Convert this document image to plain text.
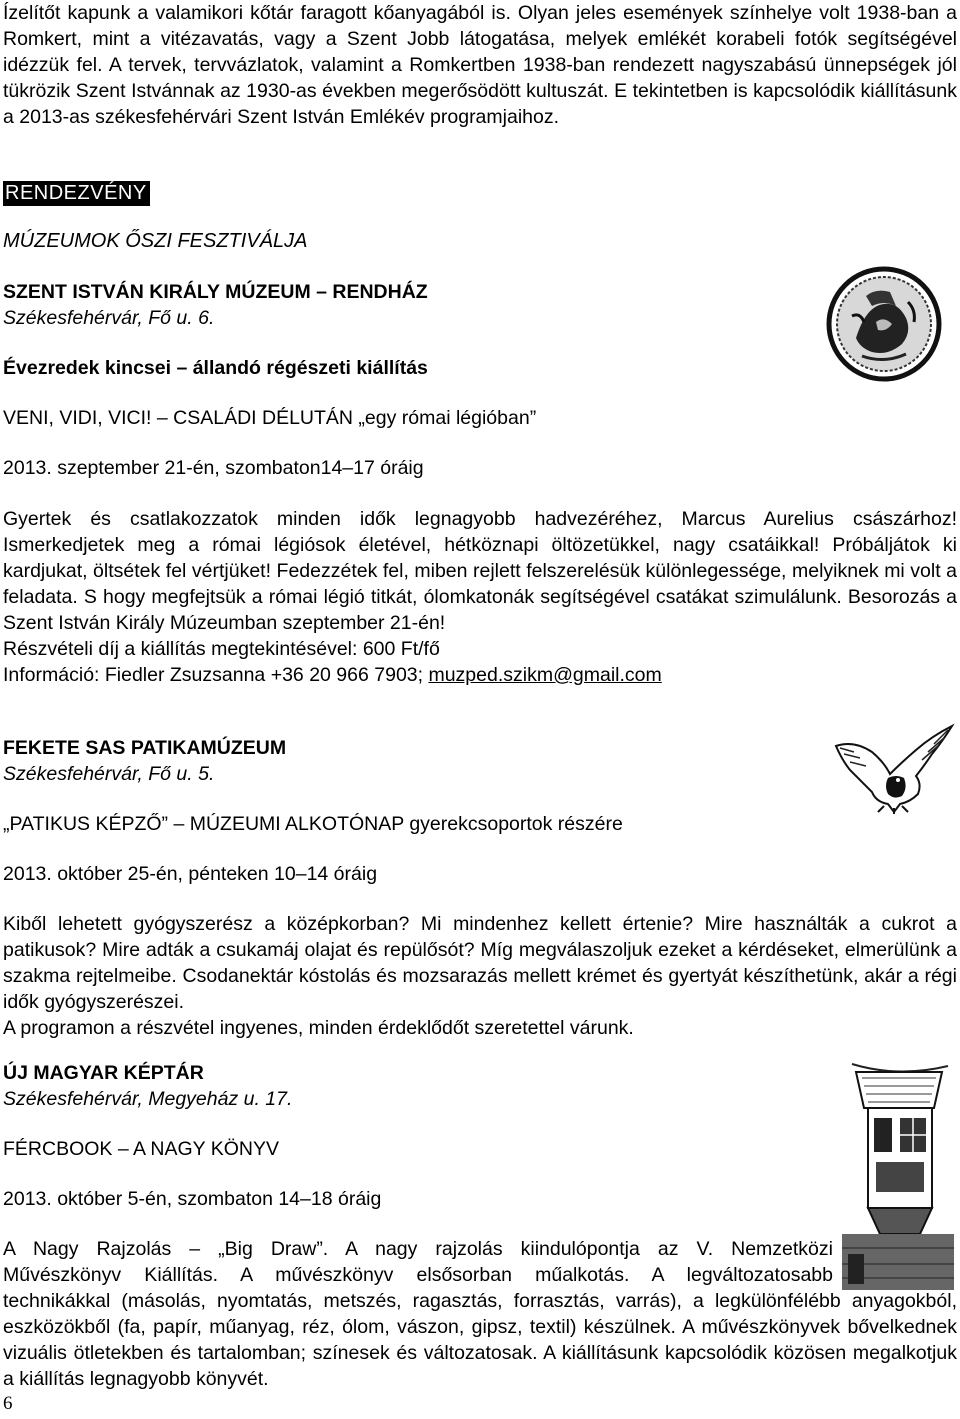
Ízelítőt kapunk a valamikori kőtár faragott kőanyagából is. Olyan jeles események színhelye volt 1938-ban a Romkert, mint a vitézavatás, vagy a Szent Jobb látogatása, melyek emlékét korabeli fotók segítségével idézzük fel. A tervek, tervvázlatok, valamint a Romkertben 1938-ban rendezett nagyszabású ünnepségek jól tükrözik Szent Istvánnak az 1930-as években megerősödött kultuszát. E tekintetben is kapcsolódik kiállításunk a 2013-as székesfehérvári Szent István Emlékév programjaihoz.

RENDEZVÉNY
MÚZEUMOK ŐSZI FESZTIVÁLJA
SZENT ISTVÁN KIRÁLY MÚZEUM – RENDHÁZ
Székesfehérvár, Fő u. 6.
Évezredek kincsei – állandó régészeti kiállítás
VENI, VIDI, VICI! – CSALÁDI DÉLUTÁN „egy római légióban”
2013. szeptember 21-én, szombaton14–17 óráig

Gyertek és csatlakozzatok minden idők legnagyobb hadvezéréhez, Marcus Aurelius császárhoz! Ismerkedjetek meg a római légiósok életével, hétköznapi öltözetükkel, nagy csatáikkal! Próbáljátok ki kardjukat, öltsétek fel vértjüket! Fedezzétek fel, miben rejlett felszerelésük különlegessége, melyiknek mi volt a feladata. S hogy megfejtsük a római légió titkát, ólomkatonák segítségével csatákat szimulálunk. Besorozás a Szent István Király Múzeumban szeptember 21-én!

Részvételi díj a kiállítás megtekintésével: 600 Ft/fő

Információ: Fiedler Zsuzsanna +36 20 966 7903; muzped.szikm@gmail.com

FEKETE SAS PATIKAMÚZEUM
Székesfehérvár, Fő u. 5.
„PATIKUS KÉPZŐ” – MÚZEUMI ALKOTÓNAP gyerekcsoportok részére
2013. október 25-én, pénteken 10–14 óráig

Kiből lehetett gyógyszerész a középkorban? Mi mindenhez kellett értenie? Mire használták a cukrot a patikusok? Mire adták a csukamáj olajat és repülősót? Míg megválaszoljuk ezeket a kérdéseket, elmerülünk a szakma rejtelmeibe. Csodanektár kóstolás és mozsarazás mellett krémet és gyertyát készíthetünk, akár a régi idők gyógyszerészei.

A programon a részvétel ingyenes, minden érdeklődőt szeretettel várunk.

ÚJ MAGYAR KÉPTÁR
Székesfehérvár, Megyeház u. 17.
FÉRCBOOK – A NAGY KÖNYV
2013. október 5-én, szombaton 14–18 óráig
A Nagy Rajzolás – „Big Draw”. A nagy rajzolás kiindulópontja az V. Nemzetközi
Művészkönyv Kiállítás. A művészkönyv elsősorban műalkotás. A legváltozatosabb

technikákkal (másolás, nyomtatás, metszés, ragasztás, forrasztás, varrás), a legkülönfélébb anyagokból, eszközökből (fa, papír, műanyag, réz, ólom, vászon, gipsz, textil) készülnek. A művészkönyvek bővelkednek vizuális ötletekben és tartalomban; színesek és változatosak. A kiállításunk kapcsolódik közösen megalkotjuk a kiállítás legnagyobb könyvét.

6
